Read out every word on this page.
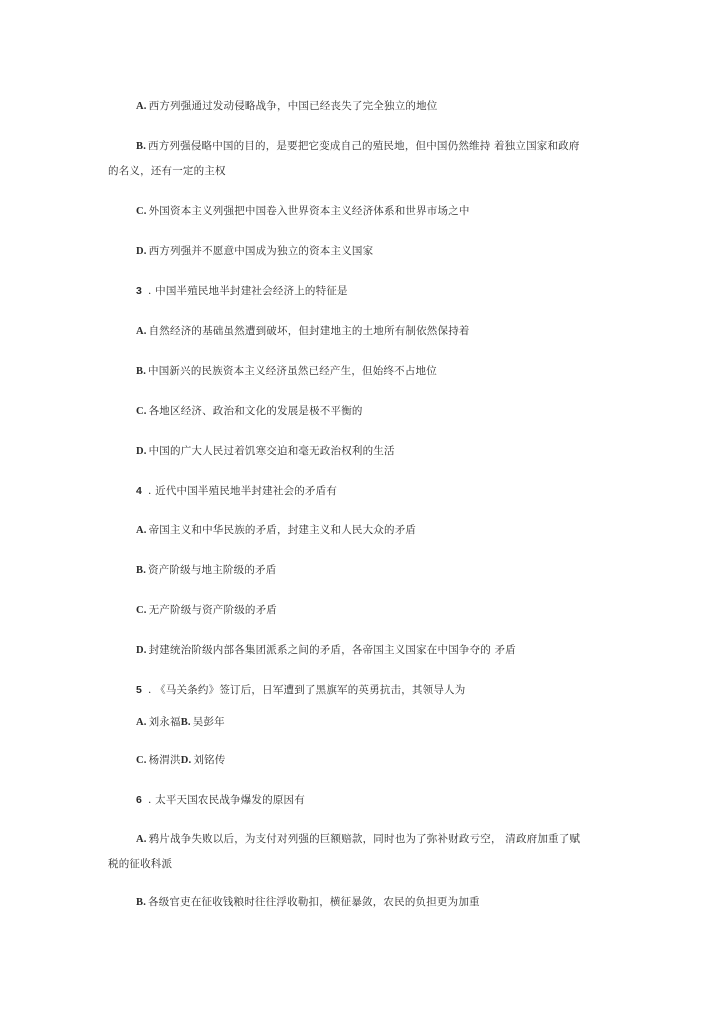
A. 西方列强通过发动侵略战争，中国已经丧失了完全独立的地位
B. 西方列强侵略中国的目的，是要把它变成自己的殖民地，但中国仍然维持 着独立国家和政府
的名义，还有一定的主权
C. 外国资本主义列强把中国卷入世界资本主义经济体系和世界市场之中
D. 西方列强并不愿意中国成为独立的资本主义国家
3 . 中国半殖民地半封建社会经济上的特征是
A. 自然经济的基础虽然遭到破坏，但封建地主的土地所有制依然保持着
B. 中国新兴的民族资本主义经济虽然已经产生，但始终不占地位
C. 各地区经济、政治和文化的发展是极不平衡的
D. 中国的广大人民过着饥寒交迫和毫无政治权利的生活
4 . 近代中国半殖民地半封建社会的矛盾有
A. 帝国主义和中华民族的矛盾，封建主义和人民大众的矛盾
B. 资产阶级与地主阶级的矛盾
C. 无产阶级与资产阶级的矛盾
D. 封建统治阶级内部各集团派系之间的矛盾，各帝国主义国家在中国争夺的 矛盾
5 . 《马关条约》签订后，日军遭到了黑旗军的英勇抗击，其领导人为
A. 刘永福B. 吴彭年
C. 杨渭洪D. 刘铭传
6 . 太平天国农民战争爆发的原因有
A. 鸦片战争失败以后，为支付对列强的巨额赔款，同时也为了弥补财政亏空， 清政府加重了赋
税的征收科派
B. 各级官吏在征收钱粮时往往浮收勒扣，横征暴敛，农民的负担更为加重
